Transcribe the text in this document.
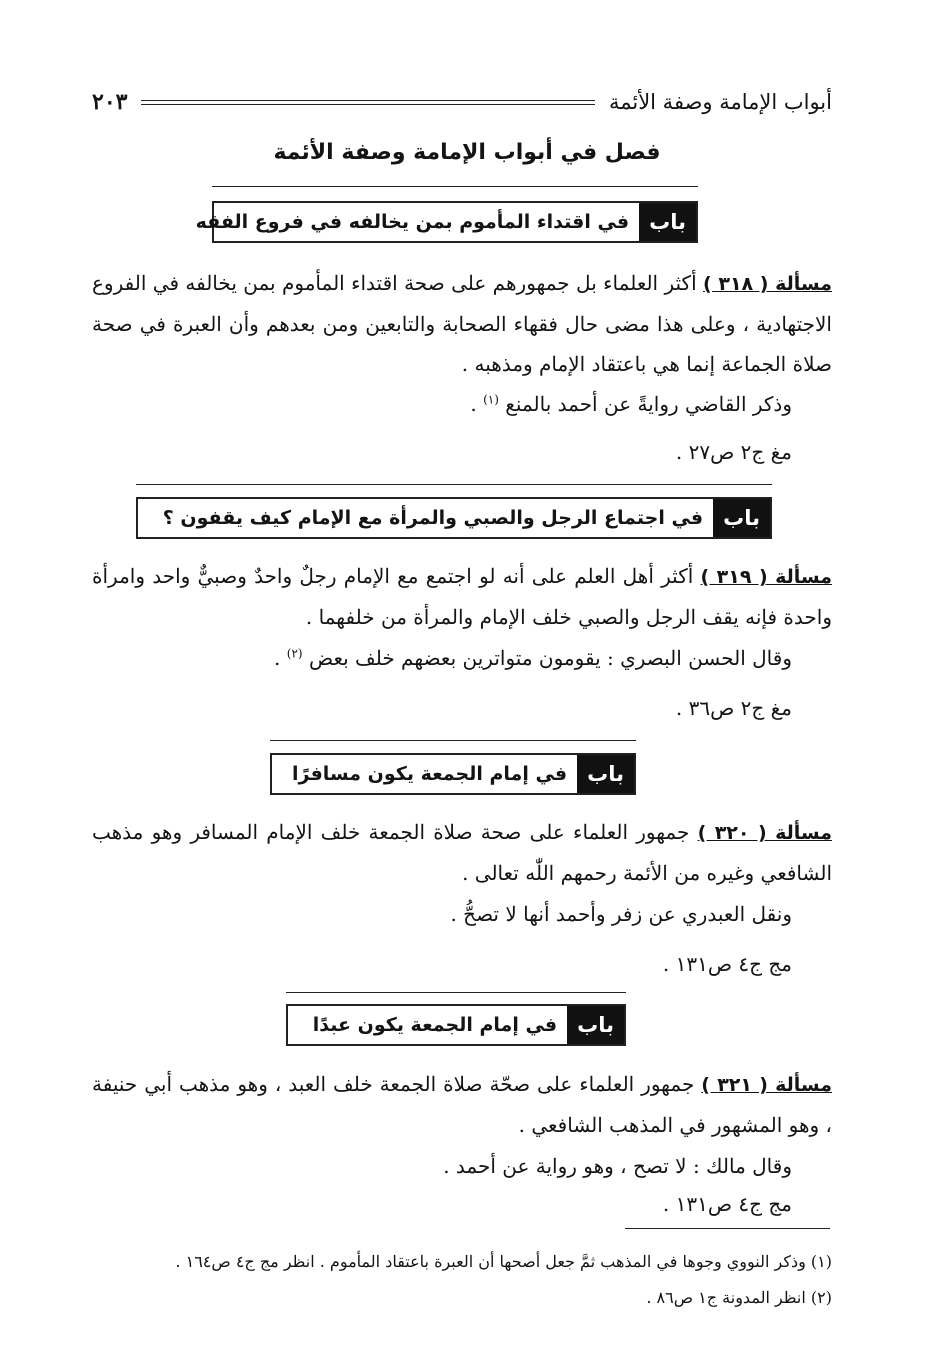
أبواب الإمامة وصفة الأئمة
٢٠٣
فصل في أبواب الإمامة وصفة الأئمة
باب
في اقتداء المأموم بمن يخالفه في فروع الفقه
مسألة ( ٣١٨ ) أكثر العلماء بل جمهورهم على صحة اقتداء المأموم بمن يخالفه في الفروع الاجتهادية ، وعلى هذا مضى حال فقهاء الصحابة والتابعين ومن بعدهم وأن العبرة في صحة صلاة الجماعة إنما هي باعتقاد الإمام ومذهبه .
وذكر القاضي روايةً عن أحمد بالمنع $^{(١)}$ .
مغ ج٢ ص٢٧ .
باب
في اجتماع الرجل والصبي والمرأة مع الإمام كيف يقفون ؟
مسألة ( ٣١٩ ) أكثر أهل العلم على أنه لو اجتمع مع الإمام رجلٌ واحدٌ وصبيٌّ واحد وامرأة واحدة فإنه يقف الرجل والصبي خلف الإمام والمرأة من خلفهما .
وقال الحسن البصري : يقومون متواترين بعضهم خلف بعض $^{(٢)}$ .
مغ ج٢ ص٣٦ .
باب
في إمام الجمعة يكون مسافرًا
مسألة ( ٣٢٠ ) جمهور العلماء على صحة صلاة الجمعة خلف الإمام المسافر وهو مذهب الشافعي وغيره من الأئمة رحمهم اللّٰه تعالى .
ونقل العبدري عن زفر وأحمد أنها لا تصحُّ .
مج ج٤ ص١٣١ .
باب
في إمام الجمعة يكون عبدًا
مسألة ( ٣٢١ ) جمهور العلماء على صحّة صلاة الجمعة خلف العبد ، وهو مذهب أبي حنيفة ، وهو المشهور في المذهب الشافعي .
وقال مالك : لا تصح ، وهو رواية عن أحمد .
مج ج٤ ص١٣١ .
(١) وذكر النووي وجوها في المذهب ثمَّ جعل أصحها أن العبرة باعتقاد المأموم . انظر مج ج٤ ص١٦٤ .
(٢) انظر المدونة ج١ ص٨٦ .
